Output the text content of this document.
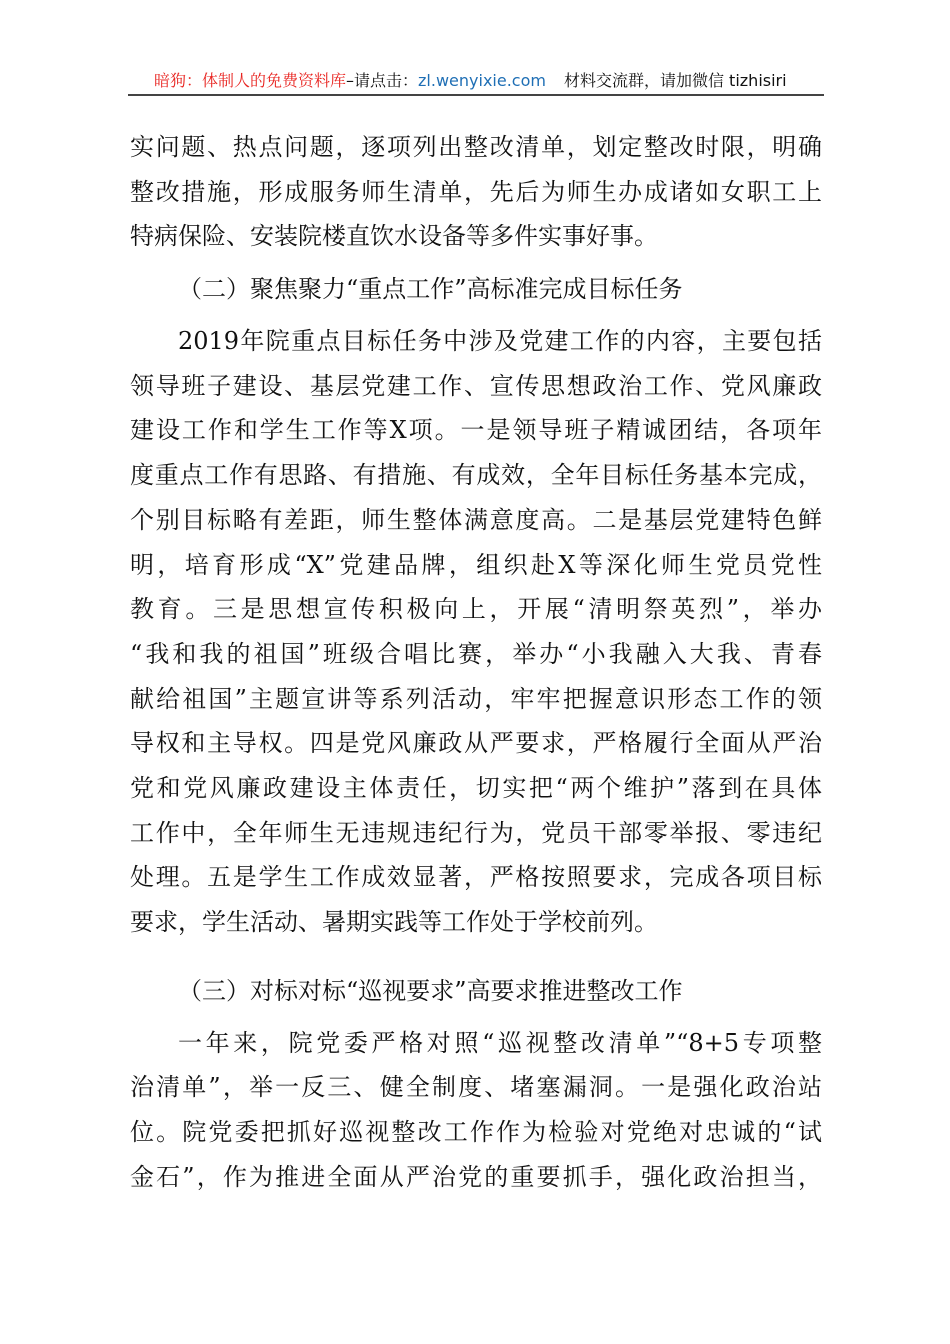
暗狗：体制人的免费资料库–请点击：zl.wenyixie.com 材料交流群，请加微信 tizhisiri
实问题、热点问题，逐项列出整改清单，划定整改时限，明确
整改措施，形成服务师生清单，先后为师生办成诸如女职工上
特病保险、安装院楼直饮水设备等多件实事好事。
（二）聚焦聚力“重点工作”高标准完成目标任务
2019年院重点目标任务中涉及党建工作的内容，主要包括
领导班子建设、基层党建工作、宣传思想政治工作、党风廉政
建设工作和学生工作等X项。一是领导班子精诚团结，各项年
度重点工作有思路、有措施、有成效，全年目标任务基本完成，
个别目标略有差距，师生整体满意度高。二是基层党建特色鲜
明，培育形成“X”党建品牌，组织赴X等深化师生党员党性
教育。三是思想宣传积极向上，开展“清明祭英烈”，举办
“我和我的祖国”班级合唱比赛，举办“小我融入大我、青春
献给祖国”主题宣讲等系列活动，牢牢把握意识形态工作的领
导权和主导权。四是党风廉政从严要求，严格履行全面从严治
党和党风廉政建设主体责任，切实把“两个维护”落到在具体
工作中，全年师生无违规违纪行为，党员干部零举报、零违纪
处理。五是学生工作成效显著，严格按照要求，完成各项目标
要求，学生活动、暑期实践等工作处于学校前列。
（三）对标对标“巡视要求”高要求推进整改工作
一年来，院党委严格对照“巡视整改清单”“8+5专项整
治清单”，举一反三、健全制度、堵塞漏洞。一是强化政治站
位。院党委把抓好巡视整改工作作为检验对党绝对忠诚的“试
金石”，作为推进全面从严治党的重要抓手，强化政治担当，
